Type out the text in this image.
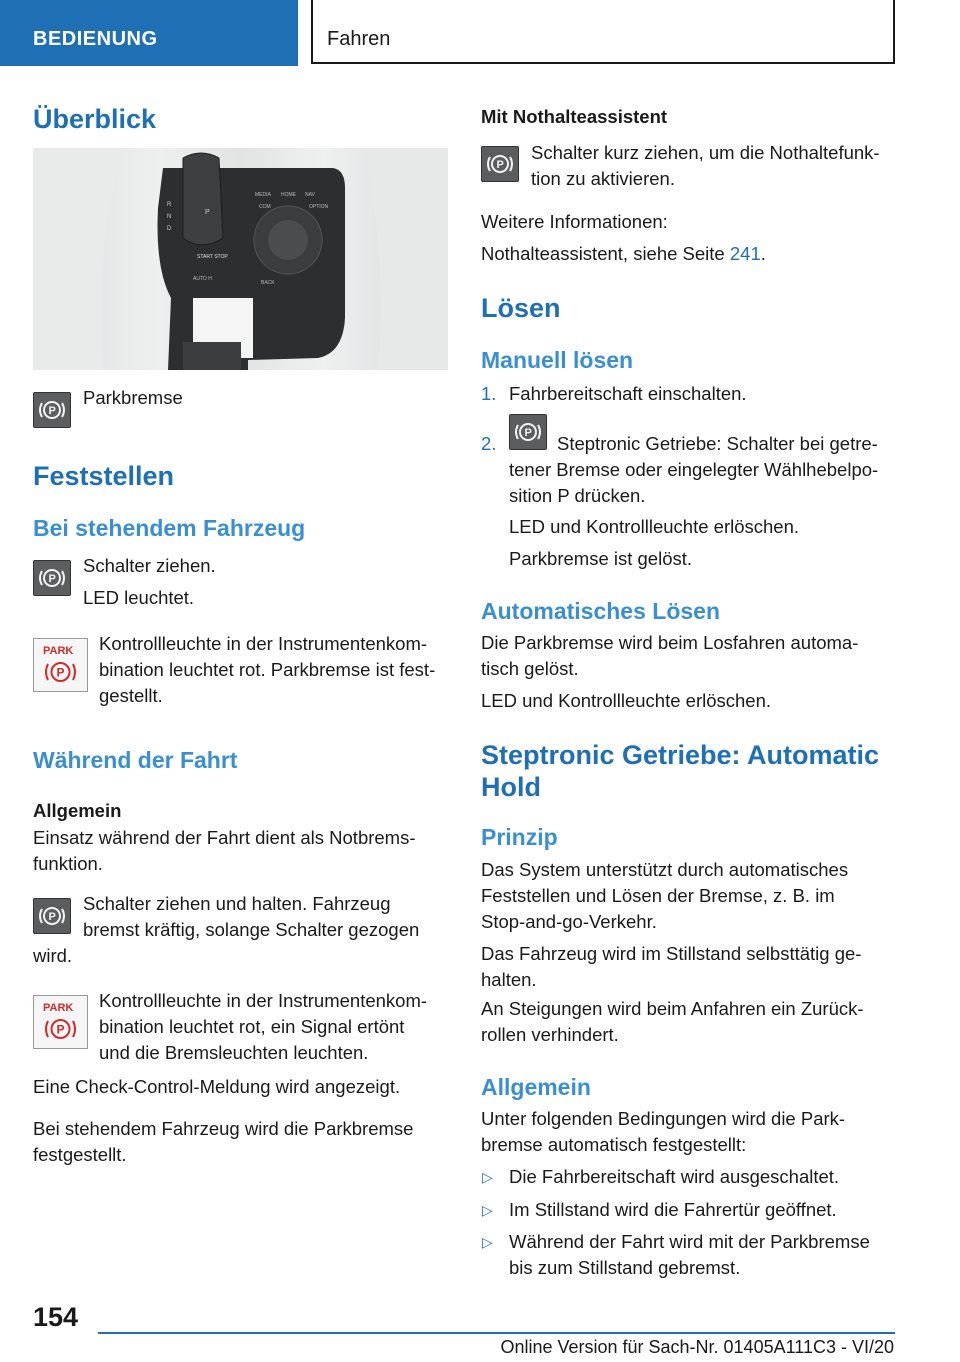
BEDIENUNG	Fahren
Überblick
R
N
D
P
MEDIA HOME NAV
COM	OPTION
BACK
START STOP
AUTO H
P
Parkbremse
Feststellen
Bei stehendem Fahrzeug
P
Schalter ziehen.
LED leuchtet.
PARK
P
Kontrollleuchte in der Instrumentenkom-
bination leuchtet rot. Parkbremse ist fest-
gestellt.
Während der Fahrt
Allgemein
Einsatz während der Fahrt dient als Notbrems-
funktion.
P
Schalter ziehen und halten. Fahrzeug
bremst kräftig, solange Schalter gezogen
wird.
PARK
P
Kontrollleuchte in der Instrumentenkom-
bination leuchtet rot, ein Signal ertönt
und die Bremsleuchten leuchten.
Eine Check-Control-Meldung wird angezeigt.
Bei stehendem Fahrzeug wird die Parkbremse
festgestellt.
Mit Nothalteassistent
P
Schalter kurz ziehen, um die Nothaltefunk-
tion zu aktivieren.
Weitere Informationen:
Nothalteassistent, siehe Seite 241.
Lösen
Manuell lösen
1. Fahrbereitschaft einschalten.
2.	P Steptronic Getriebe: Schalter bei getre-
tener Bremse oder eingelegter Wählhebelpo-
sition P drücken.
LED und Kontrollleuchte erlöschen.
Parkbremse ist gelöst.
Automatisches Lösen
Die Parkbremse wird beim Losfahren automa-
tisch gelöst.
LED und Kontrollleuchte erlöschen.
Steptronic Getriebe: Automatic
Hold
Prinzip
Das System unterstützt durch automatisches
Feststellen und Lösen der Bremse, z. B. im
Stop-and-go-Verkehr.
Das Fahrzeug wird im Stillstand selbsttätig ge-
halten.
An Steigungen wird beim Anfahren ein Zurück-
rollen verhindert.
Allgemein
Unter folgenden Bedingungen wird die Park-
bremse automatisch festgestellt:
▷ Die Fahrbereitschaft wird ausgeschaltet.
▷ Im Stillstand wird die Fahrertür geöffnet.
▷ Während der Fahrt wird mit der Parkbremse
bis zum Stillstand gebremst.
154
Online Version für Sach-Nr. 01405A111C3 - VI/20
